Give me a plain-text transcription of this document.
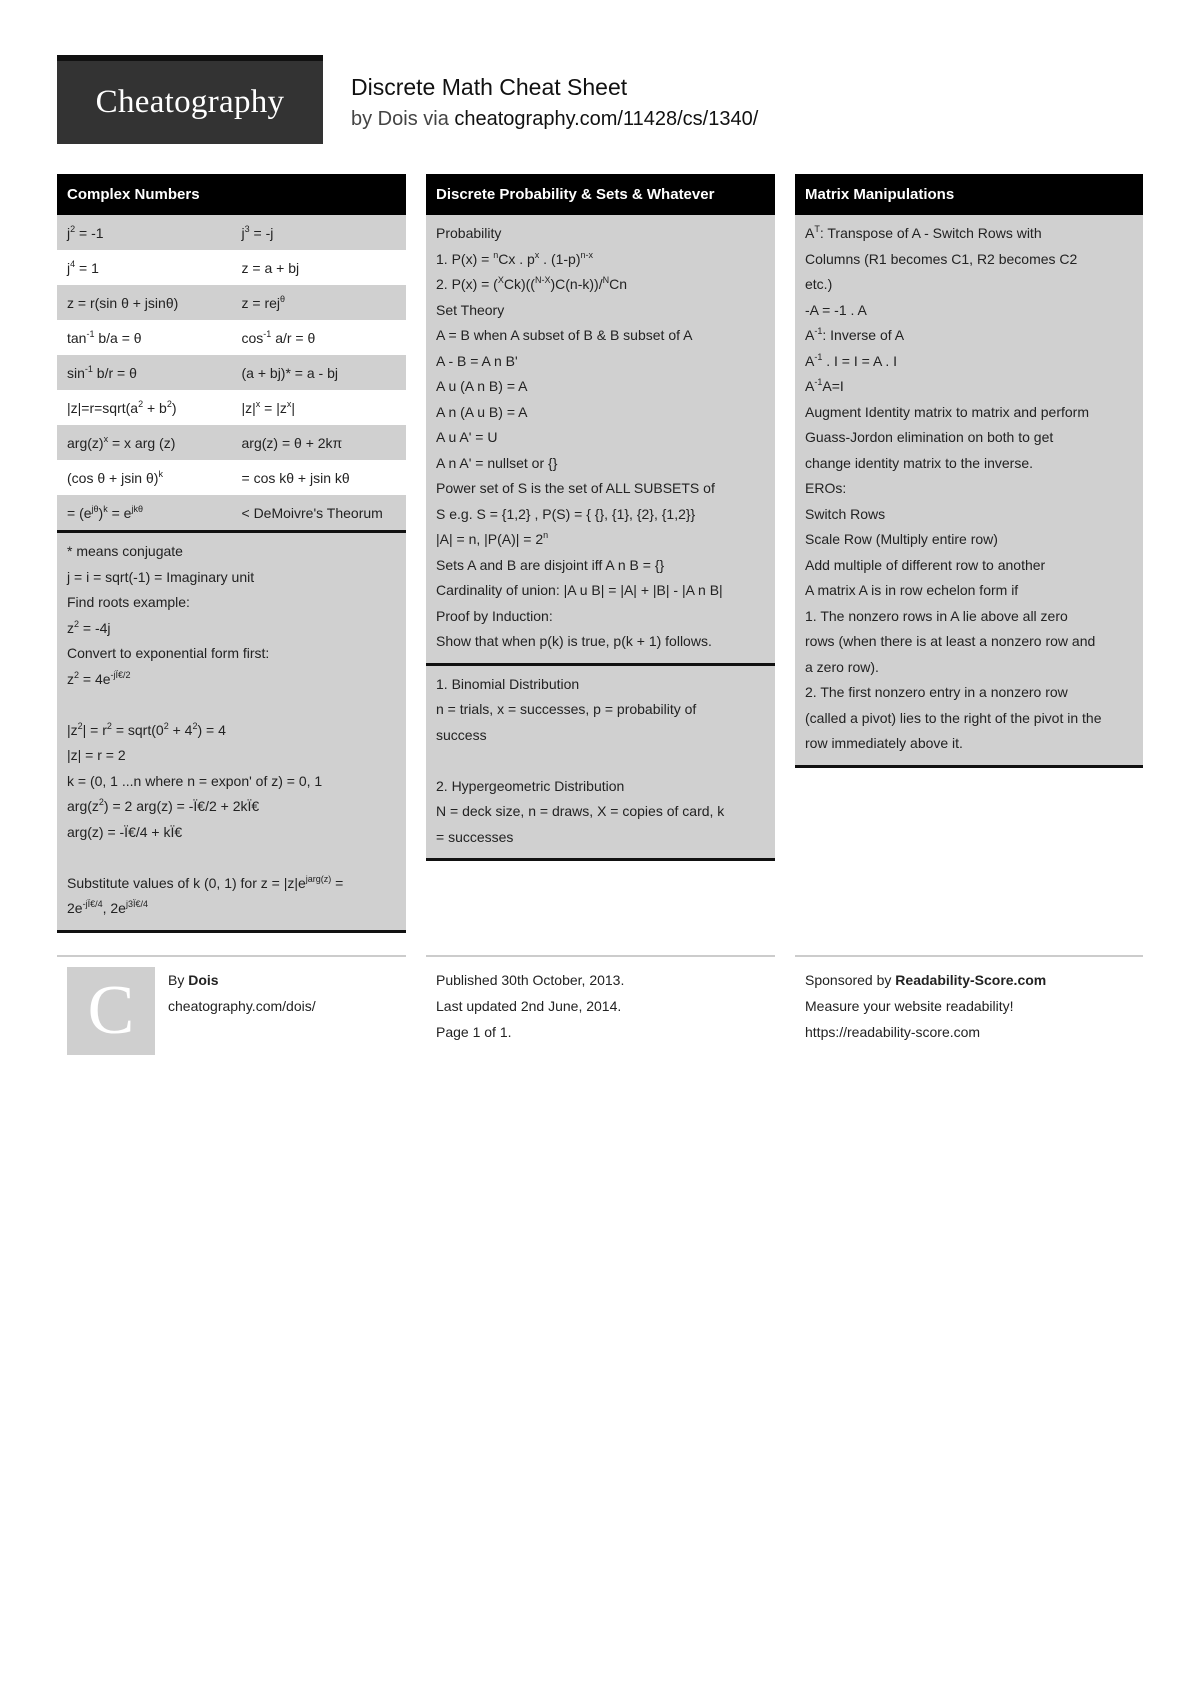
Cheatography	Discrete Math Cheat Sheet
by Dois via cheatography.com/11428/cs/1340/
Complex Numbers
$j^2 = -1$	$j^3 = -j$
$j^4 = 1$	z = a + bj
z = r(sin θ + jsinθ)	z = rej$^\theta$
$\tan^{-1} b/a = \theta$	$\cos^{-1} a/r = \theta$
$\sin^{-1} b/r = \theta$	(a + bj)* = a - bj
$|z|=r=sqrt(a^2 + b^2)$	$|z|^x = |z^x|$
$arg(z)^x = x$ arg (z)	arg(z) = θ + 2kπ
(cos θ + jsin θ)$^k$	= cos kθ + jsin kθ
= $(e^{j\theta})^k = e^{jk\theta}$	< DeMoivre's Theorum
* means conjugate
j = i = sqrt(-1) = Imaginary unit
Find roots example:
$z^2 = -4j$
Convert to exponential form first:
$z^2 = 4e^{-jÏ€/2}$
$|z^2| = r^2$ = $sqrt(0^2 + 4^2) = 4$
|z| = r = 2
k = (0, 1 ...n where n = expon' of z) = 0, 1
$arg(z^2) = 2$ arg(z) = -Ï€/2 + 2kÏ€
arg(z) = -Ï€/4 + kÏ€
Substitute values of k (0, 1) for $z = |z|e^{jarg(z)}$ =
$2e^{-jÏ€/4}$, $2e^{j3Ï€/4}$
Discrete Probability & Sets & Whatever
Probability
1. P(x) = $^n$Cx . $p^x$ . $(1-p)^{n-x}$
2. P(x) = ($^X$Ck)(($^{N-X}$)C(n-k))/$^N$Cn
Set Theory
A = B when A subset of B & B subset of A
A - B = A n B'
A u (A n B) = A
A n (A u B) = A
A u A' = U
A n A' = nullset or {}
Power set of S is the set of ALL SUBSETS of
S e.g. S = {1,2} , P(S) = { {}, {1}, {2}, {1,2}}
|A| = n, $|P(A)| = 2^n$
Sets A and B are disjoint iff A n B = {}
Cardinality of union: |A u B| = |A| + |B| - |A n B|
Proof by Induction:
Show that when p(k) is true, p(k + 1) follows.
1. Binomial Distribution
n = trials, x = successes, p = probability of
success
2. Hypergeometric Distribution
N = deck size, n = draws, X = copies of card, k
= successes
Matrix Manipulations
$A^T$: Transpose of A - Switch Rows with
Columns (R1 becomes C1, R2 becomes C2
etc.)
-A = -1 . A
$A^{-1}$: Inverse of A
$A^{-1}$ . I = I = A . I
$A^{-1}A=I$
Augment Identity matrix to matrix and perform
Guass-Jordon elimination on both to get
change identity matrix to the inverse.
EROs:
Switch Rows
Scale Row (Multiply entire row)
Add multiple of different row to another
A matrix A is in row echelon form if
1. The nonzero rows in A lie above all zero
rows (when there is at least a nonzero row and
a zero row).
2. The first nonzero entry in a nonzero row
(called a pivot) lies to the right of the pivot in the
row immediately above it.
C By Dois
cheatography.com/dois/
Published 30th October, 2013.
Last updated 2nd June, 2014.
Page 1 of 1.
Sponsored by Readability-Score.com
Measure your website readability!
https://readability-score.com
